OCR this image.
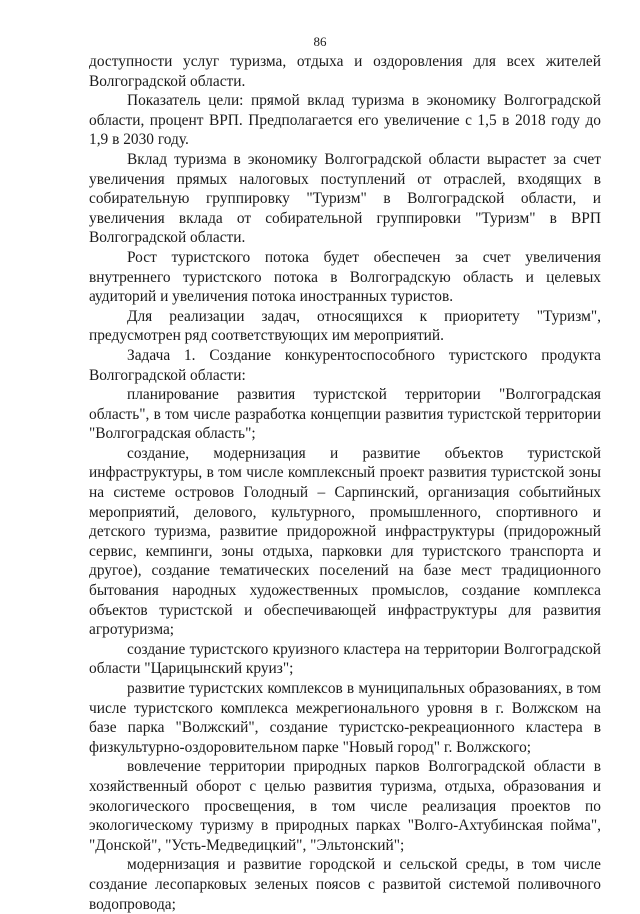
86

доступности услуг туризма, отдыха и оздоровления для всех жителей Волгоградской области.

Показатель цели: прямой вклад туризма в экономику Волгоградской области, процент ВРП. Предполагается его увеличение с 1,5 в 2018 году до 1,9 в 2030 году.

Вклад туризма в экономику Волгоградской области вырастет за счет увеличения прямых налоговых поступлений от отраслей, входящих в собирательную группировку "Туризм" в Волгоградской области, и увеличения вклада от собирательной группировки "Туризм" в ВРП Волгоградской области.

Рост туристского потока будет обеспечен за счет увеличения внутреннего туристского потока в Волгоградскую область и целевых аудиторий и увеличения потока иностранных туристов.

Для реализации задач, относящихся к приоритету "Туризм", предусмотрен ряд соответствующих им мероприятий.

Задача 1. Создание конкурентоспособного туристского продукта Волгоградской области:

планирование развития туристской территории "Волгоградская область", в том числе разработка концепции развития туристской территории "Волгоградская область";

создание, модернизация и развитие объектов туристской инфраструктуры, в том числе комплексный проект развития туристской зоны на системе островов Голодный – Сарпинский, организация событийных мероприятий, делового, культурного, промышленного, спортивного и детского туризма, развитие придорожной инфраструктуры (придорожный сервис, кемпинги, зоны отдыха, парковки для туристского транспорта и другое), создание тематических поселений на базе мест традиционного бытования народных художественных промыслов, создание комплекса объектов туристской и обеспечивающей инфраструктуры для развития агротуризма;

создание туристского круизного кластера на территории Волгоградской области "Царицынский круиз";

развитие туристских комплексов в муниципальных образованиях, в том числе туристского комплекса межрегионального уровня в г. Волжском на базе парка "Волжский", создание туристско-рекреационного кластера в физкультурно-оздоровительном парке "Новый город" г. Волжского;

вовлечение территории природных парков Волгоградской области в хозяйственный оборот с целью развития туризма, отдыха, образования и экологического просвещения, в том числе реализация проектов по экологическому туризму в природных парках "Волго-Ахтубинская пойма", "Донской", "Усть-Медведицкий", "Эльтонский";

модернизация и развитие городской и сельской среды, в том числе создание лесопарковых зеленых поясов с развитой системой поливочного водопровода;
